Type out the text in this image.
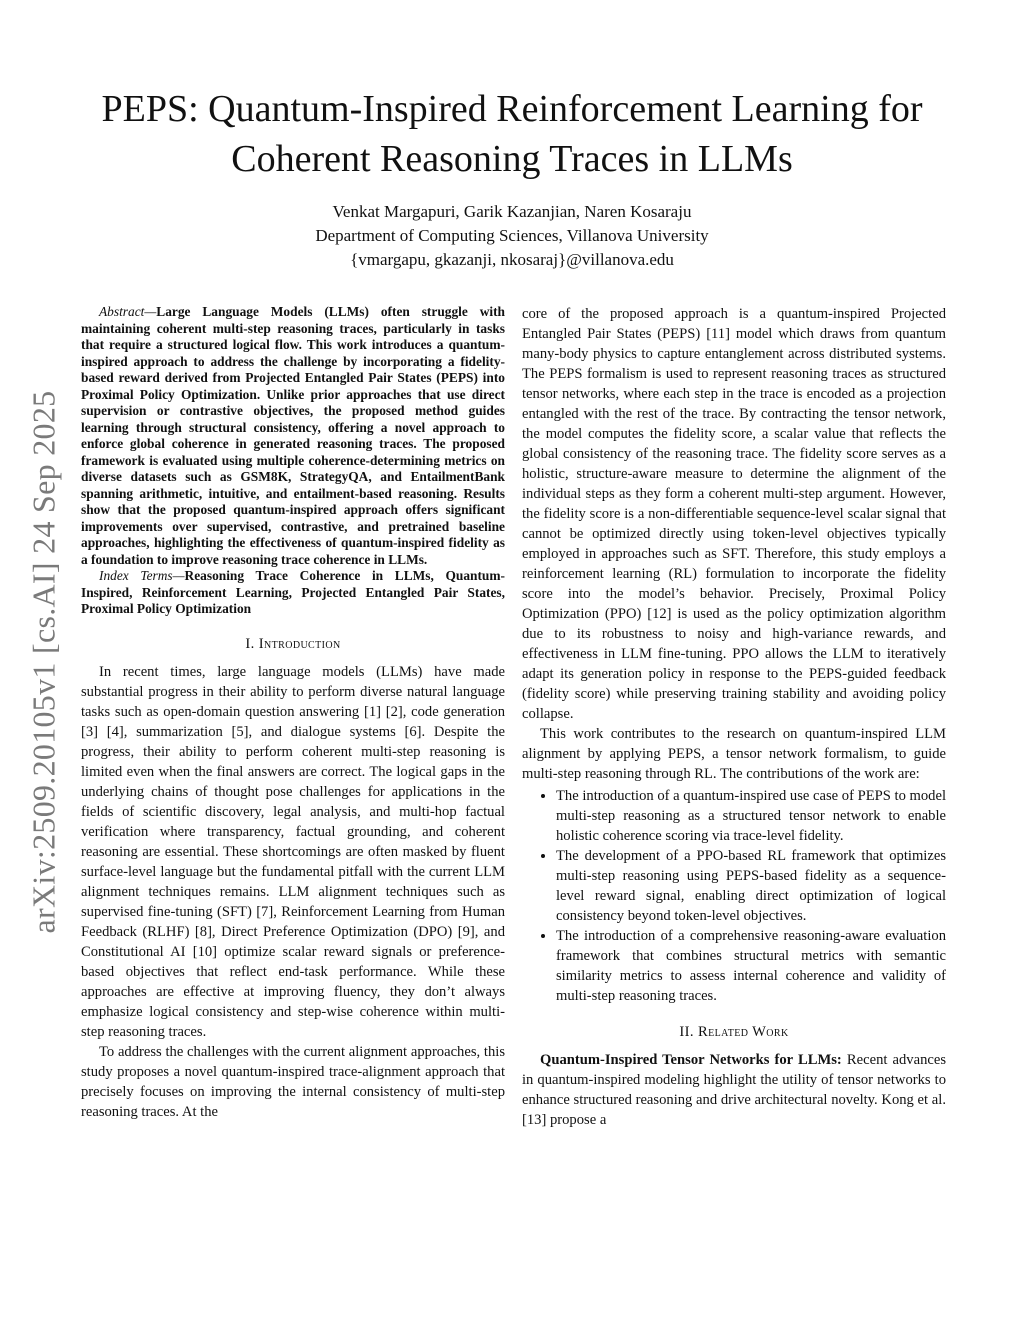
PEPS: Quantum-Inspired Reinforcement Learning for Coherent Reasoning Traces in LLMs
Venkat Margapuri, Garik Kazanjian, Naren Kosaraju
Department of Computing Sciences, Villanova University
{vmargapu, gkazanji, nkosaraj}@villanova.edu
arXiv:2509.20105v1 [cs.AI] 24 Sep 2025

Abstract—Large Language Models (LLMs) often struggle with maintaining coherent multi-step reasoning traces, particularly in tasks that require a structured logical flow. This work introduces a quantum-inspired approach to address the challenge by incorporating a fidelity-based reward derived from Projected Entangled Pair States (PEPS) into Proximal Policy Optimization. Unlike prior approaches that use direct supervision or contrastive objectives, the proposed method guides learning through structural consistency, offering a novel approach to enforce global coherence in generated reasoning traces. The proposed framework is evaluated using multiple coherence-determining metrics on diverse datasets such as GSM8K, StrategyQA, and EntailmentBank spanning arithmetic, intuitive, and entailment-based reasoning. Results show that the proposed quantum-inspired approach offers significant improvements over supervised, contrastive, and pretrained baseline approaches, highlighting the effectiveness of quantum-inspired fidelity as a foundation to improve reasoning trace coherence in LLMs.

Index Terms—Reasoning Trace Coherence in LLMs, Quantum-Inspired, Reinforcement Learning, Projected Entangled Pair States, Proximal Policy Optimization

I. Introduction

In recent times, large language models (LLMs) have made substantial progress in their ability to perform diverse natural language tasks such as open-domain question answering [1] [2], code generation [3] [4], summarization [5], and dialogue systems [6]. Despite the progress, their ability to perform coherent multi-step reasoning is limited even when the final answers are correct. The logical gaps in the underlying chains of thought pose challenges for applications in the fields of scientific discovery, legal analysis, and multi-hop factual verification where transparency, factual grounding, and coherent reasoning are essential. These shortcomings are often masked by fluent surface-level language but the fundamental pitfall with the current LLM alignment techniques remains. LLM alignment techniques such as supervised fine-tuning (SFT) [7], Reinforcement Learning from Human Feedback (RLHF) [8], Direct Preference Optimization (DPO) [9], and Constitutional AI [10] optimize scalar reward signals or preference-based objectives that reflect end-task performance. While these approaches are effective at improving fluency, they don’t always emphasize logical consistency and step-wise coherence within multi-step reasoning traces.

To address the challenges with the current alignment approaches, this study proposes a novel quantum-inspired trace-alignment approach that precisely focuses on improving the internal consistency of multi-step reasoning traces. At the

core of the proposed approach is a quantum-inspired Projected Entangled Pair States (PEPS) [11] model which draws from quantum many-body physics to capture entanglement across distributed systems. The PEPS formalism is used to represent reasoning traces as structured tensor networks, where each step in the trace is encoded as a projection entangled with the rest of the trace. By contracting the tensor network, the model computes the fidelity score, a scalar value that reflects the global consistency of the reasoning trace. The fidelity score serves as a holistic, structure-aware measure to determine the alignment of the individual steps as they form a coherent multi-step argument. However, the fidelity score is a non-differentiable sequence-level scalar signal that cannot be optimized directly using token-level objectives typically employed in approaches such as SFT. Therefore, this study employs a reinforcement learning (RL) formulation to incorporate the fidelity score into the model’s behavior. Precisely, Proximal Policy Optimization (PPO) [12] is used as the policy optimization algorithm due to its robustness to noisy and high-variance rewards, and effectiveness in LLM fine-tuning. PPO allows the LLM to iteratively adapt its generation policy in response to the PEPS-guided feedback (fidelity score) while preserving training stability and avoiding policy collapse.

This work contributes to the research on quantum-inspired LLM alignment by applying PEPS, a tensor network formalism, to guide multi-step reasoning through RL. The contributions of the work are:

• The introduction of a quantum-inspired use case of PEPS to model multi-step reasoning as a structured tensor network to enable holistic coherence scoring via trace-level fidelity.
• The development of a PPO-based RL framework that optimizes multi-step reasoning using PEPS-based fidelity as a sequence-level reward signal, enabling direct optimization of logical consistency beyond token-level objectives.
• The introduction of a comprehensive reasoning-aware evaluation framework that combines structural metrics with semantic similarity metrics to assess internal coherence and validity of multi-step reasoning traces.
II. Related Work

Quantum-Inspired Tensor Networks for LLMs: Recent advances in quantum-inspired modeling highlight the utility of tensor networks to enhance structured reasoning and drive architectural novelty. Kong et al. [13] propose a
